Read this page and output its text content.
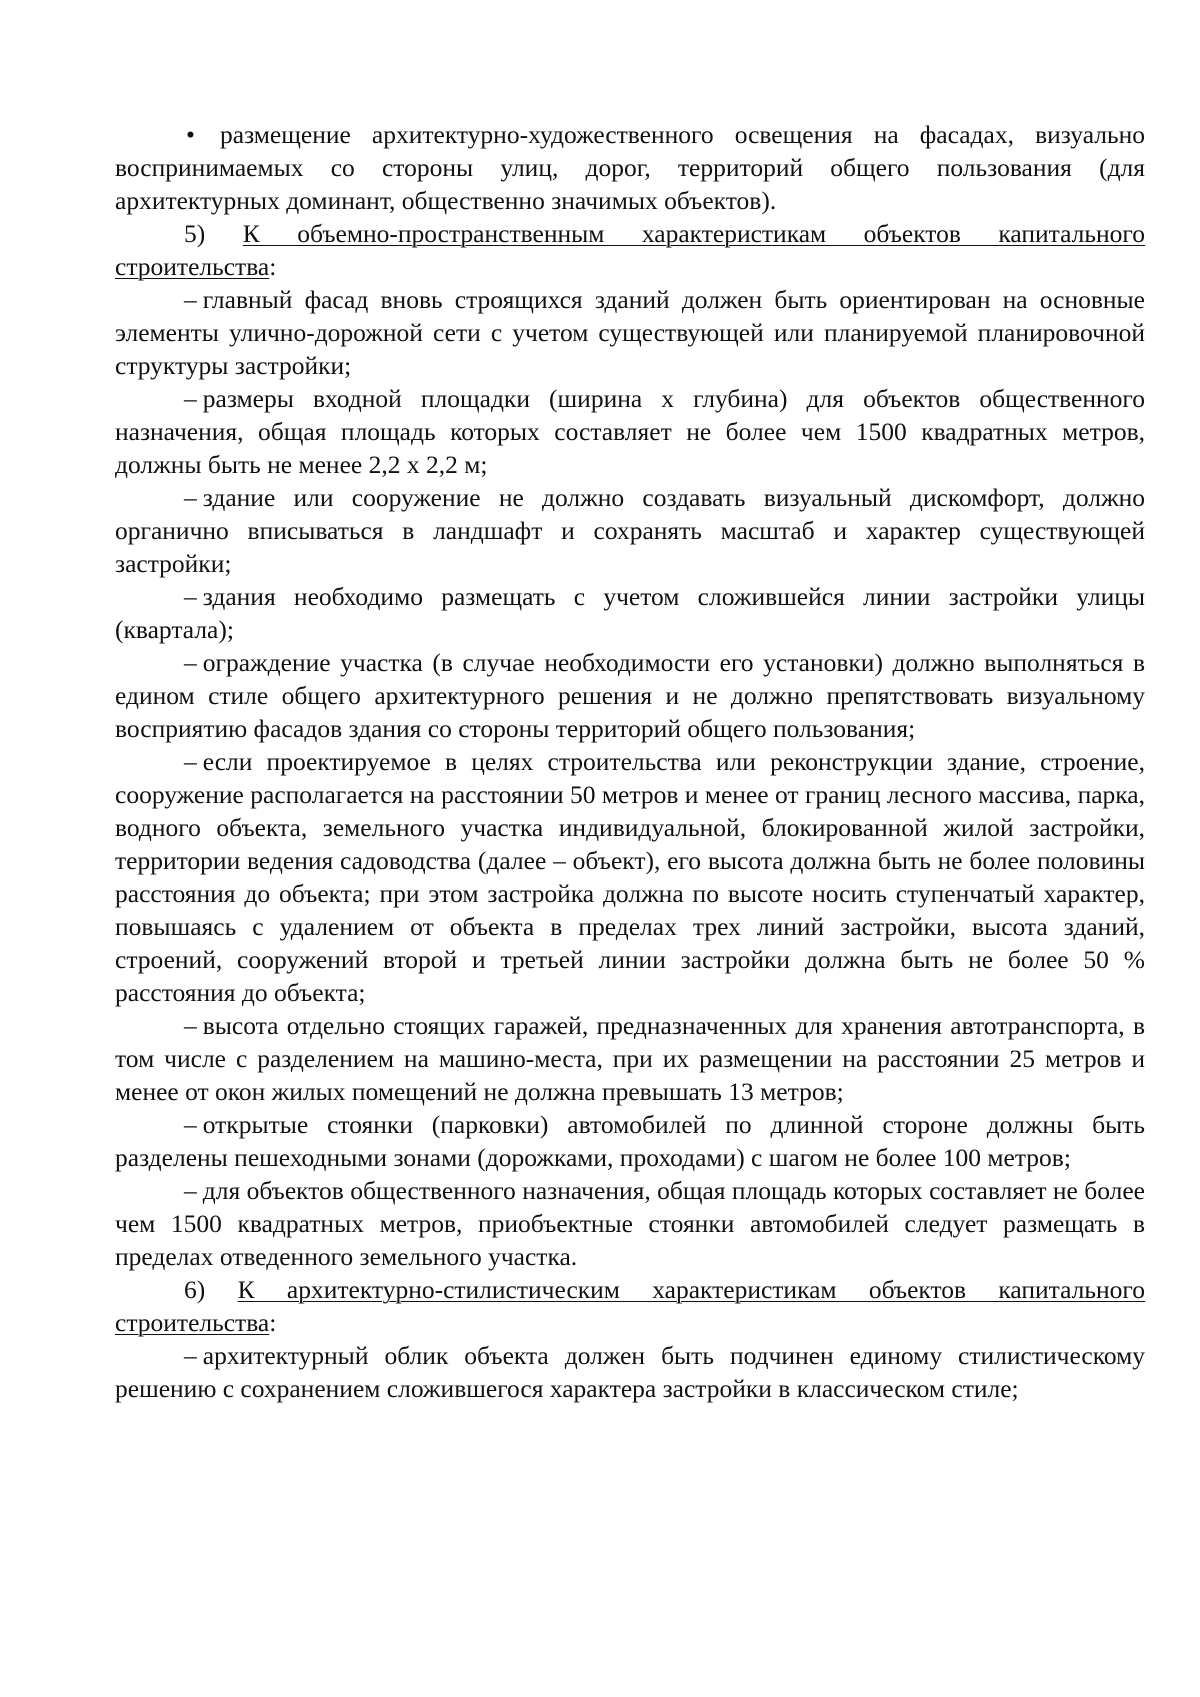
• размещение архитектурно-художественного освещения на фасадах, визуально воспринимаемых со стороны улиц, дорог, территорий общего пользования (для архитектурных доминант, общественно значимых объектов).

5) К объемно-пространственным характеристикам объектов капитального строительства:

– главный фасад вновь строящихся зданий должен быть ориентирован на основные элементы улично-дорожной сети с учетом существующей или планируемой планировочной структуры застройки;

– размеры входной площадки (ширина х глубина) для объектов общественного назначения, общая площадь которых составляет не более чем 1500 квадратных метров, должны быть не менее 2,2 х 2,2 м;

– здание или сооружение не должно создавать визуальный дискомфорт, должно органично вписываться в ландшафт и сохранять масштаб и характер существующей застройки;

– здания необходимо размещать с учетом сложившейся линии застройки улицы (квартала);

– ограждение участка (в случае необходимости его установки) должно выполняться в едином стиле общего архитектурного решения и не должно препятствовать визуальному восприятию фасадов здания со стороны территорий общего пользования;

– если проектируемое в целях строительства или реконструкции здание, строение, сооружение располагается на расстоянии 50 метров и менее от границ лесного массива, парка, водного объекта, земельного участка индивидуальной, блокированной жилой застройки, территории ведения садоводства (далее – объект), его высота должна быть не более половины расстояния до объекта; при этом застройка должна по высоте носить ступенчатый характер, повышаясь с удалением от объекта в пределах трех линий застройки, высота зданий, строений, сооружений второй и третьей линии застройки должна быть не более 50 % расстояния до объекта;

– высота отдельно стоящих гаражей, предназначенных для хранения автотранспорта, в том числе с разделением на машино-места, при их размещении на расстоянии 25 метров и менее от окон жилых помещений не должна превышать 13 метров;

– открытые стоянки (парковки) автомобилей по длинной стороне должны быть разделены пешеходными зонами (дорожками, проходами) с шагом не более 100 метров;

– для объектов общественного назначения, общая площадь которых составляет не более чем 1500 квадратных метров, приобъектные стоянки автомобилей следует размещать в пределах отведенного земельного участка.

6) К архитектурно-стилистическим характеристикам объектов капитального строительства:

– архитектурный облик объекта должен быть подчинен единому стилистическому решению с сохранением сложившегося характера застройки в классическом стиле;
